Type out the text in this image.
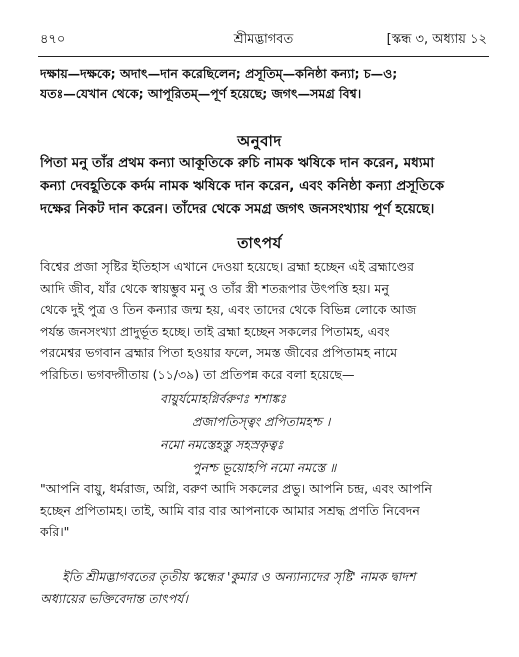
৪৭০	শ্রীমদ্ভাগবত	[স্কন্ধ ৩, অধ্যায় ১২

দক্ষায়—দক্ষকে; অদাৎ—দান করেছিলেন; প্রসূতিম্—কনিষ্ঠা কন্যা; চ—ও;

যতঃ—যেখান থেকে; আপূরিতম্—পূর্ণ হয়েছে; জগৎ—সমগ্র বিশ্ব।

অনুবাদ

পিতা মনু তাঁর প্রথম কন্যা আকূতিকে রুচি নামক ঋষিকে দান করেন, মধ্যমা

কন্যা দেবহূতিকে কর্দম নামক ঋষিকে দান করেন, এবং কনিষ্ঠা কন্যা প্রসূতিকে

দক্ষের নিকট দান করেন। তাঁদের থেকে সমগ্র জগৎ জনসংখ্যায় পূর্ণ হয়েছে।

তাৎপর্য

বিশ্বের প্রজা সৃষ্টির ইতিহাস এখানে দেওয়া হয়েছে। ব্রহ্মা হচ্ছেন এই ব্রহ্মাণ্ডের

আদি জীব, যাঁর থেকে স্বায়ম্ভুব মনু ও তাঁর স্ত্রী শতরূপার উৎপত্তি হয়। মনু

থেকে দুই পুত্র ও তিন কন্যার জন্ম হয়, এবং তাদের থেকে বিভিন্ন লোকে আজ

পর্যন্ত জনসংখ্যা প্রাদুর্ভূত হচ্ছে। তাই ব্রহ্মা হচ্ছেন সকলের পিতামহ, এবং

পরমেশ্বর ভগবান ব্রহ্মার পিতা হওয়ার ফলে, সমস্ত জীবের প্রপিতামহ নামে

পরিচিত। ভগবদ্গীতায় (১১/৩৯) তা প্রতিপন্ন করে বলা হয়েছে—

বায়ুর্যমোহগ্নির্বরুণঃ শশাঙ্কঃ

প্রজাপতিস্ত্বং প্রপিতামহশ্চ ।

নমো নমস্তেহস্তু সহস্রকৃত্বঃ

পুনশ্চ ভূয়োহপি নমো নমস্তে ॥

"আপনি বায়ু, ধর্মরাজ, অগ্নি, বরুণ আদি সকলের প্রভু। আপনি চন্দ্র, এবং আপনি

হচ্ছেন প্রপিতামহ। তাই, আমি বার বার আপনাকে আমার সশ্রদ্ধ প্রণতি নিবেদন

করি।"

ইতি শ্রীমদ্ভাগবতের তৃতীয় স্কন্ধের 'কুমার ও অন্যান্যদের সৃষ্টি' নামক দ্বাদশ

অধ্যায়ের ভক্তিবেদান্ত তাৎপর্য।
